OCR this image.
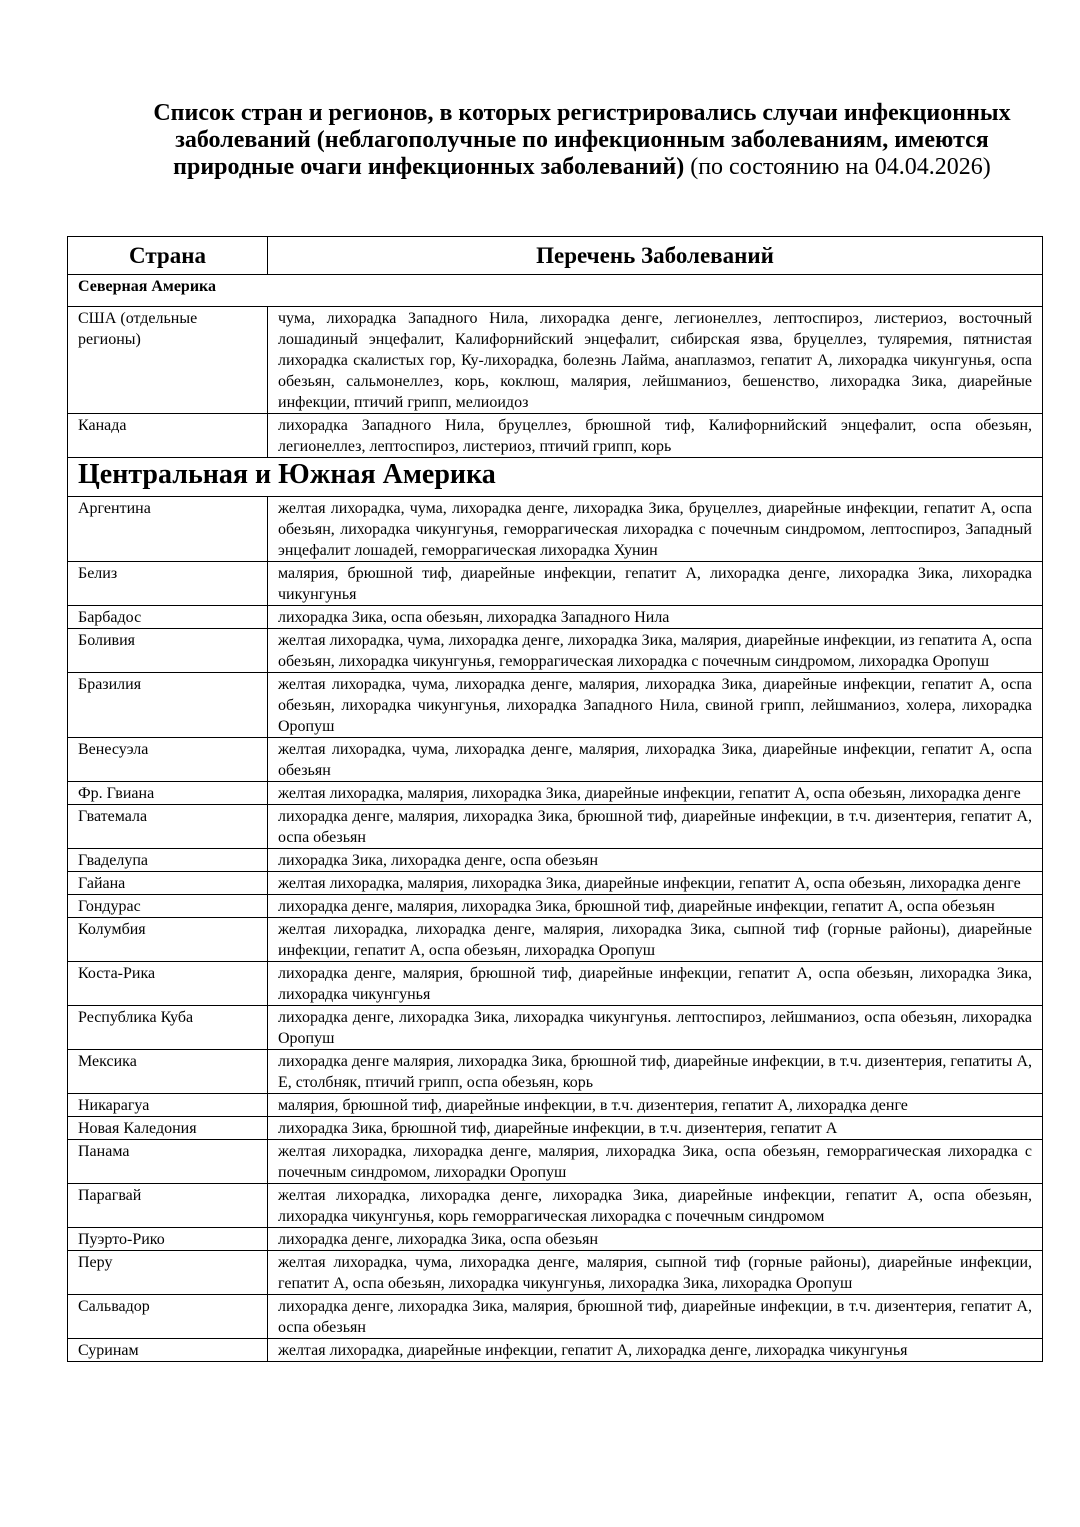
Список стран и регионов, в которых регистрировались случаи инфекционных заболеваний (неблагополучные по инфекционным заболеваниям, имеются природные очаги инфекционных заболеваний) (по состоянию на 04.04.2026)
Страна	Перечень Заболеваний
Северная Америка	
США (отдельные регионы)	чума, лихорадка Западного Нила, лихорадка денге, легионеллез, лептоспироз, листериоз, восточный лошадиный энцефалит, Калифорнийский энцефалит, сибирская язва, бруцеллез, туляремия, пятнистая лихорадка скалистых гор, Ку-лихорадка, болезнь Лайма, анаплазмоз, гепатит А, лихорадка чикунгунья, оспа обезьян, сальмонеллез, корь, коклюш, малярия, лейшманиоз, бешенство, лихорадка Зика, диарейные инфекции, птичий грипп, мелиоидоз
Канада	лихорадка Западного Нила, бруцеллез, брюшной тиф, Калифорнийский энцефалит, оспа обезьян, легионеллез, лептоспироз, листериоз, птичий грипп, корь
Центральная и Южная Америка	
Аргентина	желтая лихорадка, чума, лихорадка денге, лихорадка Зика, бруцеллез, диарейные инфекции, гепатит А, оспа обезьян, лихорадка чикунгунья, геморрагическая лихорадка с почечным синдромом, лептоспироз, Западный энцефалит лошадей, геморрагическая лихорадка Хунин
Белиз	малярия, брюшной тиф, диарейные инфекции, гепатит А, лихорадка денге, лихорадка Зика, лихорадка чикунгунья
Барбадос	лихорадка Зика, оспа обезьян, лихорадка Западного Нила
Боливия	желтая лихорадка, чума, лихорадка денге, лихорадка Зика, малярия, диарейные инфекции, из гепатита А, оспа обезьян, лихорадка чикунгунья, геморрагическая лихорадка с почечным синдромом, лихорадка Оропуш
Бразилия	желтая лихорадка, чума, лихорадка денге, малярия, лихорадка Зика, диарейные инфекции, гепатит А, оспа обезьян, лихорадка чикунгунья, лихорадка Западного Нила, свиной грипп, лейшманиоз, холера, лихорадка Оропуш
Венесуэла	желтая лихорадка, чума, лихорадка денге, малярия, лихорадка Зика, диарейные инфекции, гепатит А, оспа обезьян
Фр. Гвиана	желтая лихорадка, малярия, лихорадка Зика, диарейные инфекции, гепатит А, оспа обезьян, лихорадка денге
Гватемала	лихорадка денге, малярия, лихорадка Зика, брюшной тиф, диарейные инфекции, в т.ч. дизентерия, гепатит А, оспа обезьян
Гваделупа	лихорадка Зика, лихорадка денге, оспа обезьян
Гайана	желтая лихорадка, малярия, лихорадка Зика, диарейные инфекции, гепатит А, оспа обезьян, лихорадка денге
Гондурас	лихорадка денге, малярия, лихорадка Зика, брюшной тиф, диарейные инфекции, гепатит А, оспа обезьян
Колумбия	желтая лихорадка, лихорадка денге, малярия, лихорадка Зика, сыпной тиф (горные районы), диарейные инфекции, гепатит А, оспа обезьян, лихорадка Оропуш
Коста-Рика	лихорадка денге, малярия, брюшной тиф, диарейные инфекции, гепатит А, оспа обезьян, лихорадка Зика, лихорадка чикунгунья
Республика Куба	лихорадка денге, лихорадка Зика, лихорадка чикунгунья. лептоспироз, лейшманиоз, оспа обезьян, лихорадка Оропуш
Мексика	лихорадка денге малярия, лихорадка Зика, брюшной тиф, диарейные инфекции, в т.ч. дизентерия, гепатиты А, Е, столбняк, птичий грипп, оспа обезьян, корь
Никарагуа	малярия, брюшной тиф, диарейные инфекции, в т.ч. дизентерия, гепатит А, лихорадка денге
Новая Каледония	лихорадка Зика, брюшной тиф, диарейные инфекции, в т.ч. дизентерия, гепатит А
Панама	желтая лихорадка, лихорадка денге, малярия, лихорадка Зика, оспа обезьян, геморрагическая лихорадка с почечным синдромом, лихорадки Оропуш
Парагвай	желтая лихорадка, лихорадка денге, лихорадка Зика, диарейные инфекции, гепатит А, оспа обезьян, лихорадка чикунгунья, корь геморрагическая лихорадка с почечным синдромом
Пуэрто-Рико	лихорадка денге, лихорадка Зика, оспа обезьян
Перу	желтая лихорадка, чума, лихорадка денге, малярия, сыпной тиф (горные районы), диарейные инфекции, гепатит А, оспа обезьян, лихорадка чикунгунья, лихорадка Зика, лихорадка Оропуш
Сальвадор	лихорадка денге, лихорадка Зика, малярия, брюшной тиф, диарейные инфекции, в т.ч. дизентерия, гепатит А, оспа обезьян
Суринам	желтая лихорадка, диарейные инфекции, гепатит А, лихорадка денге, лихорадка чикунгунья
